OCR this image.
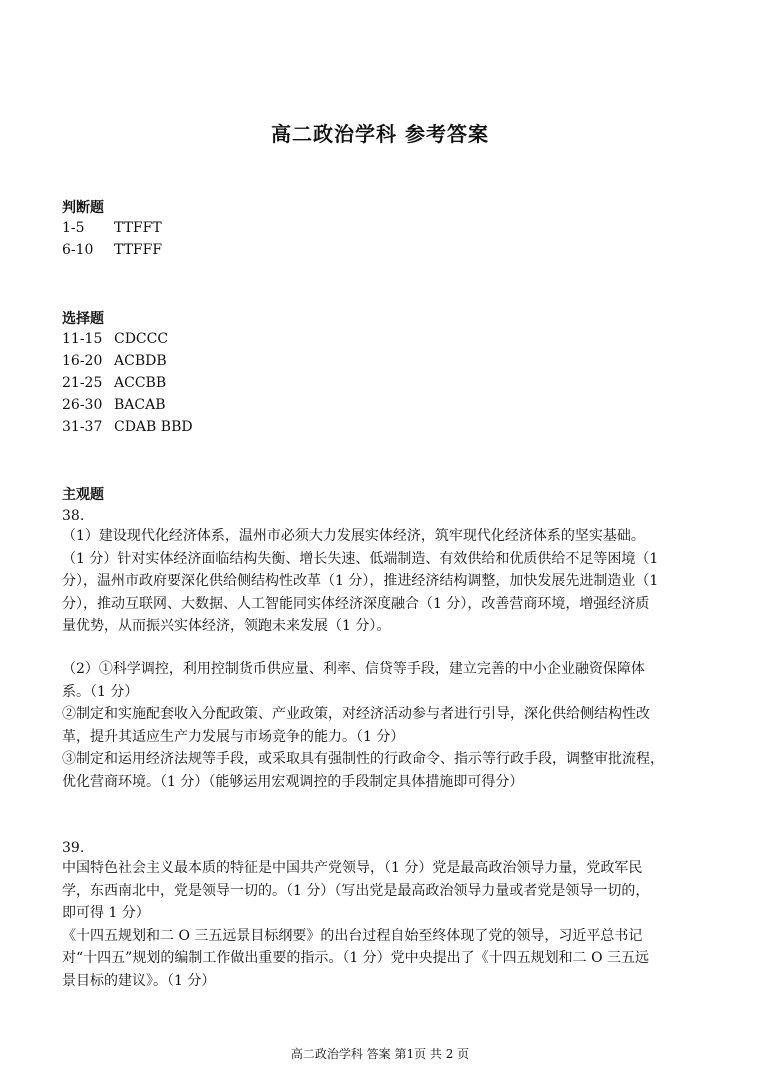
高二政治学科 参考答案
判断题
1-5 TTFFT
6-10 TTFFF
选择题
11-15 CDCCC
16-20 ACBDB
21-25 ACCBB
26-30 BACAB
31-37 CDAB BBD
主观题
38.
（1）建设现代化经济体系，温州市必须大力发展实体经济，筑牢现代化经济体系的坚实基础。
（1 分）针对实体经济面临结构失衡、增长失速、低端制造、有效供给和优质供给不足等困境（1
分），温州市政府要深化供给侧结构性改革（1 分），推进经济结构调整，加快发展先进制造业（1
分），推动互联网、大数据、人工智能同实体经济深度融合（1 分），改善营商环境，增强经济质
量优势，从而振兴实体经济，领跑未来发展（1 分）。
（2）①科学调控，利用控制货币供应量、利率、信贷等手段，建立完善的中小企业融资保障体
系。（1 分）
②制定和实施配套收入分配政策、产业政策，对经济活动参与者进行引导，深化供给侧结构性改
革，提升其适应生产力发展与市场竞争的能力。（1 分）
③制定和运用经济法规等手段，或采取具有强制性的行政命令、指示等行政手段，调整审批流程，
优化营商环境。（1 分）（能够运用宏观调控的手段制定具体措施即可得分）
39.
中国特色社会主义最本质的特征是中国共产党领导，（1 分）党是最高政治领导力量，党政军民
学，东西南北中，党是领导一切的。（1 分）（写出党是最高政治领导力量或者党是领导一切的，
即可得 1 分）
《十四五规划和二 O 三五远景目标纲要》的出台过程自始至终体现了党的领导，习近平总书记
对“十四五”规划的编制工作做出重要的指示。（1 分）党中央提出了《十四五规划和二 O 三五远
景目标的建议》。（1 分）
高二政治学科 答案 第1页 共 2 页
